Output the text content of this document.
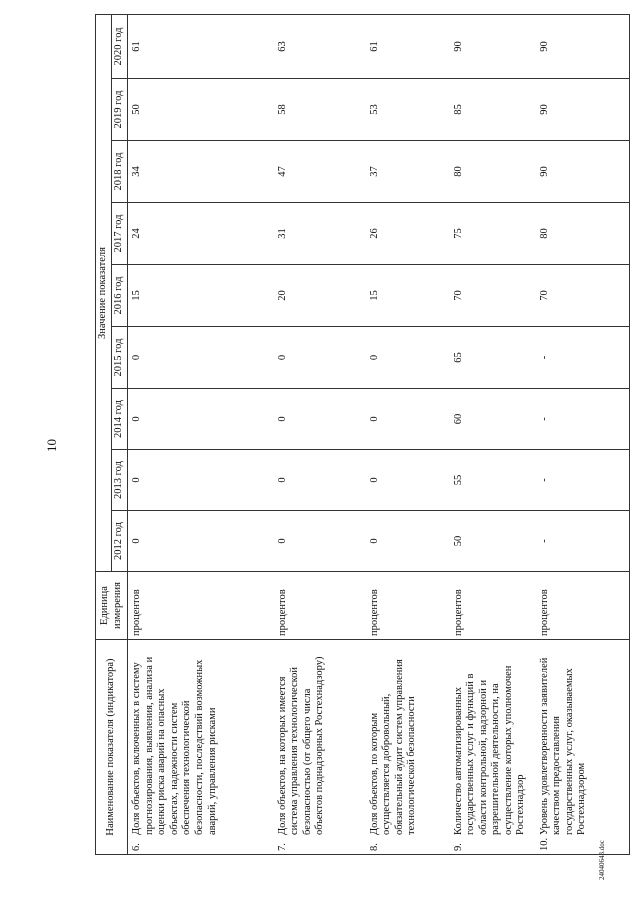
10
24040643.doc
Наименование показателя (индикатора)	Единица измерения	Значение показателя								
		2012 год	2013 год	2014 год	2015 год	2016 год	2017 год	2018 год	2019 год	2020 год
6.Доля объектов, включенных в систему прогнозирования, выявления, анализа и оценки риска аварий на опасных объектах, надежности систем обеспечения технологической безопасности, последствий возможных аварий, управления рисками	процентов	0	0	0	0	15	24	34	50	61
7.Доля объектов, на которых имеется система управления технологической безопасностью (от общего числа объектов поднадзорных Ростехнадзору)	процентов	0	0	0	0	20	31	47	58	63
8.Доля объектов, по которым осуществляется добровольный, обязательный аудит систем управления технологической безопасности	процентов	0	0	0	0	15	26	37	53	61
9.Количество автоматизированных государственных услуг и функций в области контрольной, надзорной и разрешительной деятельности, на осуществление которых уполномочен Ростехнадзор	процентов	50	55	60	65	70	75	80	85	90
10.Уровень удовлетворенности заявителей качеством предоставления государственных услуг, оказываемых Ростехнадзором	процентов	-	-	-	-	70	80	90	90	90
